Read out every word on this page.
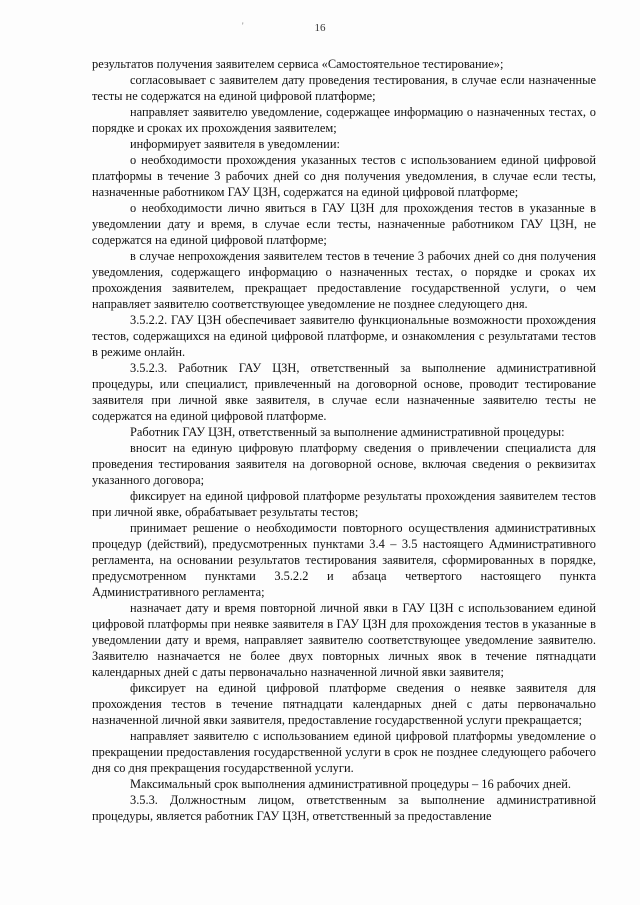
16
'

результатов получения заявителем сервиса «Самостоятельное тестирование»;

согласовывает с заявителем дату проведения тестирования, в случае если назначенные тесты не содержатся на единой цифровой платформе;

направляет заявителю уведомление, содержащее информацию о назначенных тестах, о порядке и сроках их прохождения заявителем;

информирует заявителя в уведомлении:

о необходимости прохождения указанных тестов с использованием единой цифровой платформы в течение 3 рабочих дней со дня получения уведомления, в случае если тесты, назначенные работником ГАУ ЦЗН, содержатся на единой цифровой платформе;

о необходимости лично явиться в ГАУ ЦЗН для прохождения тестов в указанные в уведомлении дату и время, в случае если тесты, назначенные работником ГАУ ЦЗН, не содержатся на единой цифровой платформе;

в случае непрохождения заявителем тестов в течение 3 рабочих дней со дня получения уведомления, содержащего информацию о назначенных тестах, о порядке и сроках их прохождения заявителем, прекращает предоставление государственной услуги, о чем направляет заявителю соответствующее уведомление не позднее следующего дня.

3.5.2.2. ГАУ ЦЗН обеспечивает заявителю функциональные возможности прохождения тестов, содержащихся на единой цифровой платформе, и ознакомления с результатами тестов в режиме онлайн.

3.5.2.3. Работник ГАУ ЦЗН, ответственный за выполнение административной процедуры, или специалист, привлеченный на договорной основе, проводит тестирование заявителя при личной явке заявителя, в случае если назначенные заявителю тесты не содержатся на единой цифровой платформе.

Работник ГАУ ЦЗН, ответственный за выполнение административной процедуры:

вносит на единую цифровую платформу сведения о привлечении специалиста для проведения тестирования заявителя на договорной основе, включая сведения о реквизитах указанного договора;

фиксирует на единой цифровой платформе результаты прохождения заявителем тестов при личной явке, обрабатывает результаты тестов;

принимает решение о необходимости повторного осуществления административных процедур (действий), предусмотренных пунктами 3.4 – 3.5 настоящего Административного регламента, на основании результатов тестирования заявителя, сформированных в порядке, предусмотренном пунктами 3.5.2.2 и абзаца четвертого настоящего пункта Административного регламента;

назначает дату и время повторной личной явки в ГАУ ЦЗН с использованием единой цифровой платформы при неявке заявителя в ГАУ ЦЗН для прохождения тестов в указанные в уведомлении дату и время, направляет заявителю соответствующее уведомление заявителю. Заявителю назначается не более двух повторных личных явок в течение пятнадцати календарных дней с даты первоначально назначенной личной явки заявителя;

фиксирует на единой цифровой платформе сведения о неявке заявителя для прохождения тестов в течение пятнадцати календарных дней с даты первоначально назначенной личной явки заявителя, предоставление государственной услуги прекращается;

направляет заявителю с использованием единой цифровой платформы уведомление о прекращении предоставления государственной услуги в срок не позднее следующего рабочего дня со дня прекращения государственной услуги.

Максимальный срок выполнения административной процедуры – 16 рабочих дней.

3.5.3. Должностным лицом, ответственным за выполнение административной процедуры, является работник ГАУ ЦЗН, ответственный за предоставление
